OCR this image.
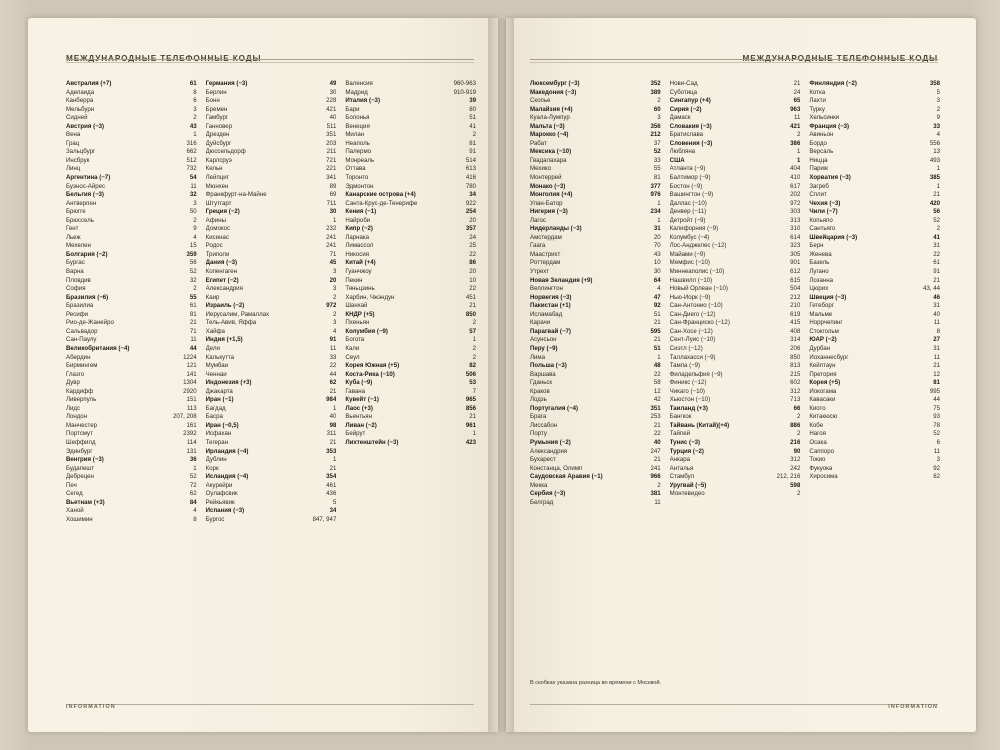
МЕЖДУНАРОДНЫЕ ТЕЛЕФОННЫЕ КОДЫ
Австралия (+7)	61
Аделаида	8
Канберра	6
Мельбурн	3
Сидней	2
Австрия (−3)	43
Вена	1
Грац	316
Зальцбург	662
Инсбрук	512
Линц	732
Аргентина (−7)	54
Буэнос-Айрес	11
Бельгия (−3)	32
Антверпен	3
Брюгге	50
Брюссель	2
Гент	9
Льеж	4
Мехелен	15
Болгария (−2)	359
Бургас	56
Варна	52
Пловдив	32
София	2
Бразилия (−6)	55
Бразилиа	61
Ресифи	81
Рио-де-Жанейро	21
Сальвадор	71
Сан-Паулу	11
Великобритания (−4)	44
Абердин	1224
Бирмингем	121
Глазго	141
Дувр	1304
Кардифф	2920
Ливерпуль	151
Лидс	113
Лондон	207, 208
Манчестер	161
Портсмут	2392
Шеффилд	114
Эдинбург	131
Венгрия (−3)	36
Будапешт	1
Дебрецен	52
Печ	72
Сегед	62
Вьетнам (+3)	84
Ханой	4
Хошимин	8
Германия (−3)	49
Берлин	30
Бонн	228
Бремен	421
Гамбург	40
Ганновер	511
Дрезден	351
Дуйсбург	203
Дюссельдорф	211
Карлсруэ	721
Кельн	221
Лейпциг	341
Мюнхен	89
Франкфурт-на-Майне	69
Штутгарт	711
Греция (−2)	30
Афины	1
Домокос	232
Кисинас	241
Родос	241
Триполи	71
Дания (−3)	45
Копенгаген	3
Египет (−2)	20
Александрия	3
Каир	2
Израиль (−2)	972
Иерусалим, Рамаллах	2
Тель-Авив, Яффа	3
Хайфа	4
Индия (+1,5)	91
Дели	11
Калькутта	33
Мумбаи	22
Ченнаи	44
Индонезия (+3)	62
Джакарта	21
Иран (−1)	984
Багдад	1
Басра	40
Иран (−0,5)	98
Исфахан	311
Тегеран	21
Ирландия (−4)	353
Дублин	1
Корк	21
Исландия (−4)	354
Акурейри	461
Оулафсвик	436
Рейкьявик	5
Испания (−3)	34
Бургос	847, 947
Валенсия	960-963
Мадрид	910-919
Италия (−3)	39
Бари	80
Болонья	51
Венеция	41
Милан	2
Неаполь	81
Палермо	91
Монреаль	514
Оттава	613
Торонто	416
Эдмонтон	780
Канарские острова (+4)	34
Санта-Крус-де-Тенерифе	922
Кения (−1)	254
Найроби	20
Кипр (−2)	357
Ларнака	24
Лимассол	25
Никосия	22
Китай (+4)	86
Гуанчжоу	20
Пекин	10
Тяньцзинь	22
Харбин, Чжэндун	451
Шанхай	21
КНДР (+5)	850
Пхеньян	2
Колумбия (−9)	57
Богота	1
Кали	2
Сеул	2
Корея Южная (+5)	82
Коста-Рика (−10)	506
Куба (−9)	53
Гавана	7
Кувейт (−1)	965
Лаос (+3)	856
Вьентьян	21
Ливан (−2)	961
Бейрут	1
Лихтенштейн (−3)	423
INFORMATION
МЕЖДУНАРОДНЫЕ ТЕЛЕФОННЫЕ КОДЫ
Люксембург (−3)	352
Македония (−3)	389
Скопье	2
Малайзия (+4)	60
Куала-Лумпур	3
Мальта (−3)	356
Марокко (−4)	212
Рабат	37
Мексика (−10)	52
Гвадалахара	33
Мехико	55
Монтеррей	81
Монако (−3)	377
Монголия (+4)	976
Улан-Батор	1
Нигерия (−3)	234
Лагос	1
Нидерланды (−3)	31
Амстердам	20
Гаага	70
Маастрихт	43
Роттердам	10
Утрехт	30
Новая Зеландия (+9)	64
Веллингтон	4
Норвегия (−3)	47
Пакистан (+1)	92
Исламабад	51
Карачи	21
Парагвай (−7)	595
Асунсьон	21
Перу (−9)	51
Лима	1
Польша (−3)	48
Варшава	22
Гданьск	58
Краков	12
Лодзь	42
Португалия (−4)	351
Брага	253
Лиссабон	21
Порту	22
Румыния (−2)	40
Александрия	247
Бухарест	21
Констанца, Олимп	241
Саудовская Аравия (−1)	966
Мекка	2
Сербия (−3)	381
Белград	11
Нови-Сад	21
Суботица	24
Сингапур (+4)	65
Сирия (−2)	963
Дамаск	11
Словакия (−3)	421
Братислава	2
Словения (−3)	386
Любляна	1
США	1
Атланта (−9)	404
Балтимор (−9)	410
Бостон (−9)	617
Вашингтон (−9)	202
Даллас (−10)	972
Денвер (−11)	303
Детройт (−9)	313
Калифорния (−9)	310
Колумбус (−4)	614
Лос-Анджелес (−12)	323
Майами (−9)	305
Мемфис (−10)	901
Миннеаполис (−10)	612
Нашвилл (−10)	615
Новый Орлеан (−10)	504
Нью-Йорк (−9)	212
Сан-Антонио (−10)	210
Сан-Диего (−12)	619
Сан-Франциско (−12)	415
Сан-Хосе (−12)	408
Сент-Луис (−10)	314
Сиэтл (−12)	206
Таллахасси (−9)	850
Тампа (−9)	813
Филадельфия (−9)	215
Финикс (−12)	602
Чикаго (−10)	312
Хьюстон (−10)	713
Таиланд (+3)	66
Бангкок	2
Тайвань (Китай)(+4)	886
Тайпей	2
Тунис (−3)	216
Турция (−2)	90
Анкара	312
Анталья	242
Стамбул	212, 216
Уругвай (−5)	598
Монтевидео	2
Финляндия (−2)	358
Котка	5
Лахти	3
Турку	2
Хельсинки	9
Франция (−3)	33
Авиньон	4
Бордо	556
Версаль	13
Ницца	493
Париж	1
Хорватия (−3)	385
Загреб	1
Сплит	21
Чехия (−3)	420
Чили (−7)	56
Копьяпо	52
Сантьяго	2
Швейцария (−3)	41
Берн	31
Женева	22
Базель	61
Лугано	91
Лозанна	21
Цюрих	43, 44
Швеция (−3)	46
Гетеборг	31
Мальме	40
Норрчепинг	11
Стокгольм	8
ЮАР (−2)	27
Дурбан	31
Йоханнесбург	11
Кейптаун	21
Претория	12
Корея (+5)	81
Иокогама	995
Кавасаки	44
Киото	75
Китакюсю	93
Кобе	78
Нагоя	52
Осака	6
Саппоро	11
Токио	3
Фукуока	92
Хиросима	82
В скобках указана разница во времени с Москвой.
INFORMATION
